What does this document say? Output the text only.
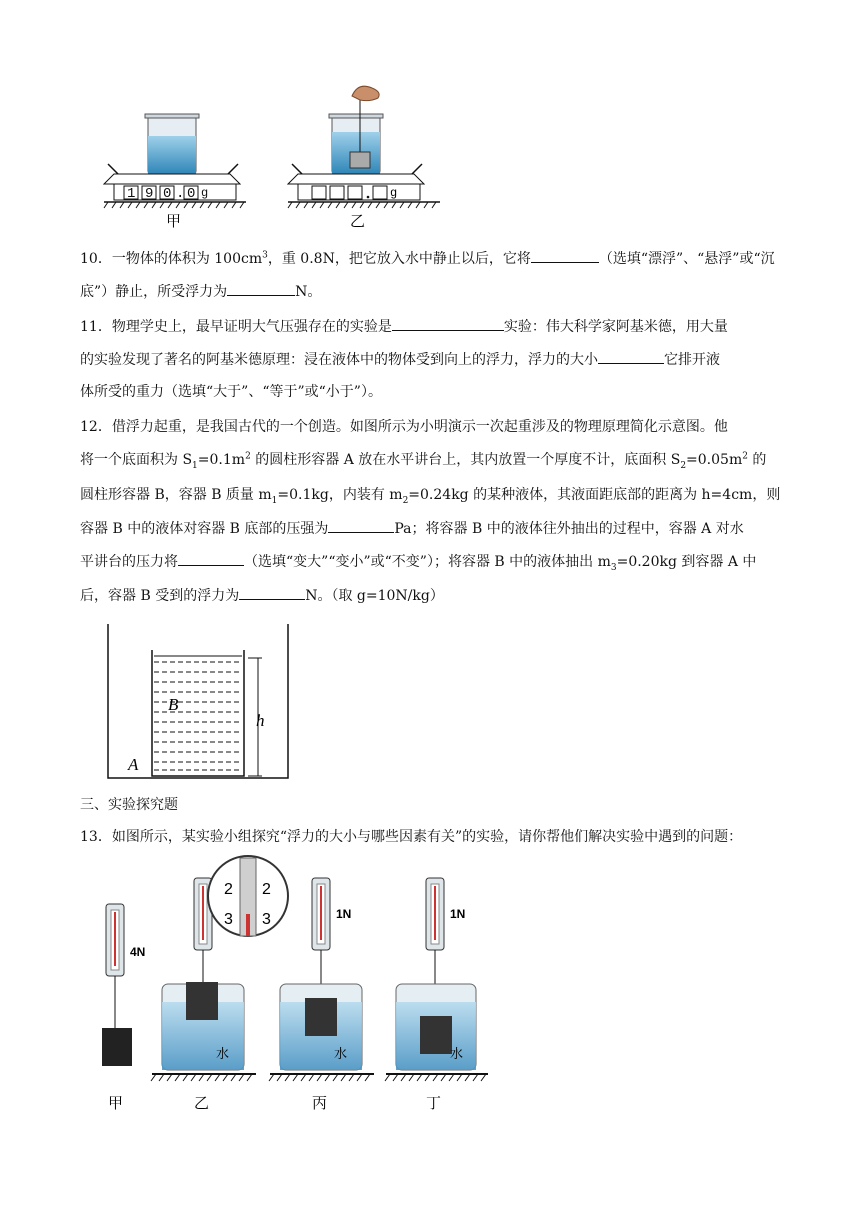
1 9 0 . 0 g
甲
g
乙
10．一物体的体积为 $100cm^3$，重 0.8N，把它放入水中静止以后，它将	（选填“漂浮”、“悬浮”或“沉
底”）静止，所受浮力为	N。
11．物理学史上，最早证明大气压强存在的实验是	实验：伟大科学家阿基米德，用大量
的实验发现了著名的阿基米德原理：浸在液体中的物体受到向上的浮力，浮力的大小	它排开液
体所受的重力（选填“大于”、“等于”或“小于”）。
12．借浮力起重，是我国古代的一个创造。如图所示为小明演示一次起重涉及的物理原理简化示意图。他
将一个底面积为 $S_1=0.1m^2$ 的圆柱形容器 A 放在水平讲台上，其内放置一个厚度不计，底面积 $S_2=0.05m^2$ 的
圆柱形容器 B，容器 B 质量 $m_1=0.1kg$，内装有 $m_2=0.24kg$ 的某种液体，其液面距底部的距离为 h=4cm，则
容器 B 中的液体对容器 B 底部的压强为	Pa；将容器 B 中的液体往外抽出的过程中，容器 A 对水
平讲台的压力将	（选填“变大”“变小”或“不变”）；将容器 B 中的液体抽出 $m_3=0.20kg$ 到容器 A 中
后，容器 B 受到的浮力为	N。（取 g=10N/kg）
B
A
h
三、实验探究题
13．如图所示，某实验小组探究“浮力的大小与哪些因素有关”的实验，请你帮他们解决实验中遇到的问题：
4N
甲
水
2 2
3 3
乙
1N
水
丙
1N
水
丁
